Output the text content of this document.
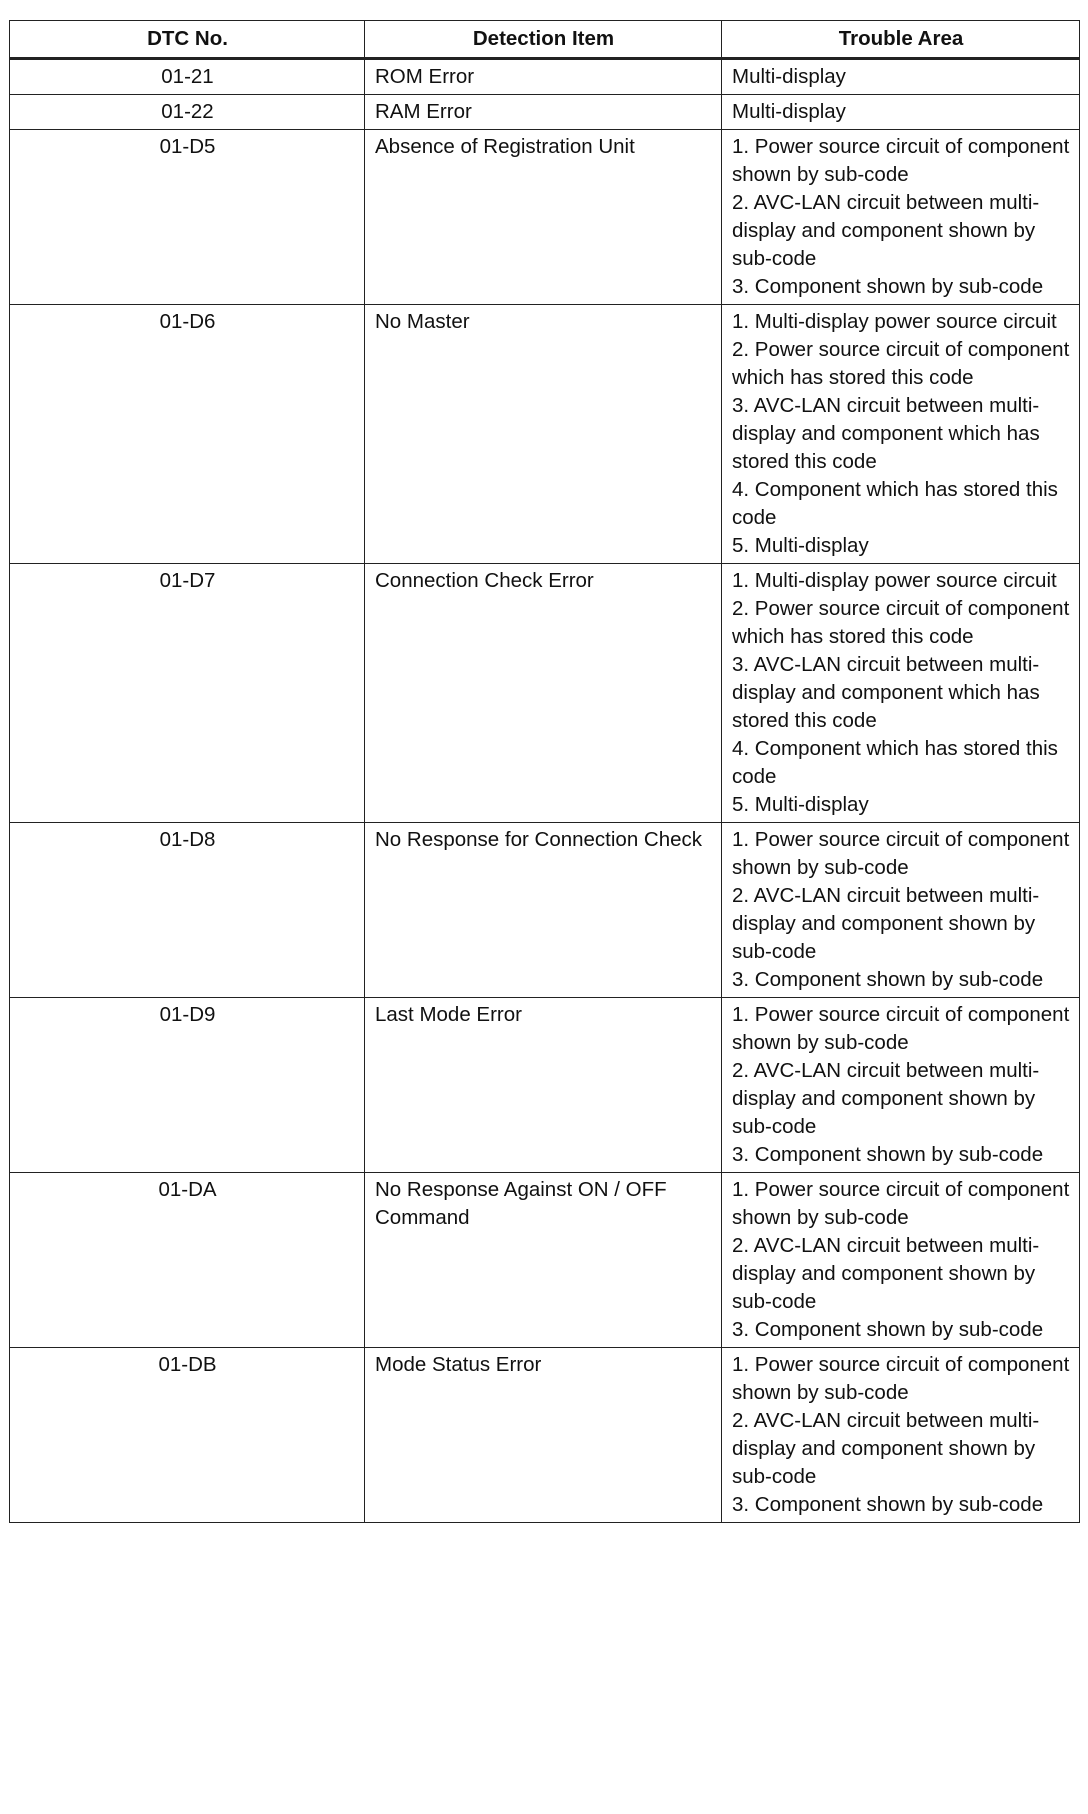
DTC No.	Detection Item	Trouble Area
01-21	ROM Error	Multi-display

01-22	RAM Error	Multi-display

01-D5	Absence of Registration Unit	1. Power source circuit of component shown by sub-code
2. AVC-LAN circuit between multi-display and component shown by sub-code
3. Component shown by sub-code

01-D6	No Master	1. Multi-display power source circuit
2. Power source circuit of component which has stored this code
3. AVC-LAN circuit between multi-display and component which has stored this code
4. Component which has stored this code
5. Multi-display

01-D7	Connection Check Error	1. Multi-display power source circuit
2. Power source circuit of component which has stored this code
3. AVC-LAN circuit between multi-display and component which has stored this code
4. Component which has stored this code
5. Multi-display

01-D8	No Response for Connection Check	1. Power source circuit of component shown by sub-code
2. AVC-LAN circuit between multi-display and component shown by sub-code
3. Component shown by sub-code

01-D9	Last Mode Error	1. Power source circuit of component shown by sub-code
2. AVC-LAN circuit between multi-display and component shown by sub-code
3. Component shown by sub-code

01-DA	No Response Against ON / OFF Command	1. Power source circuit of component shown by sub-code
2. AVC-LAN circuit between multi-display and component shown by sub-code
3. Component shown by sub-code

01-DB	Mode Status Error	1. Power source circuit of component shown by sub-code
2. AVC-LAN circuit between multi-display and component shown by sub-code
3. Component shown by sub-code
